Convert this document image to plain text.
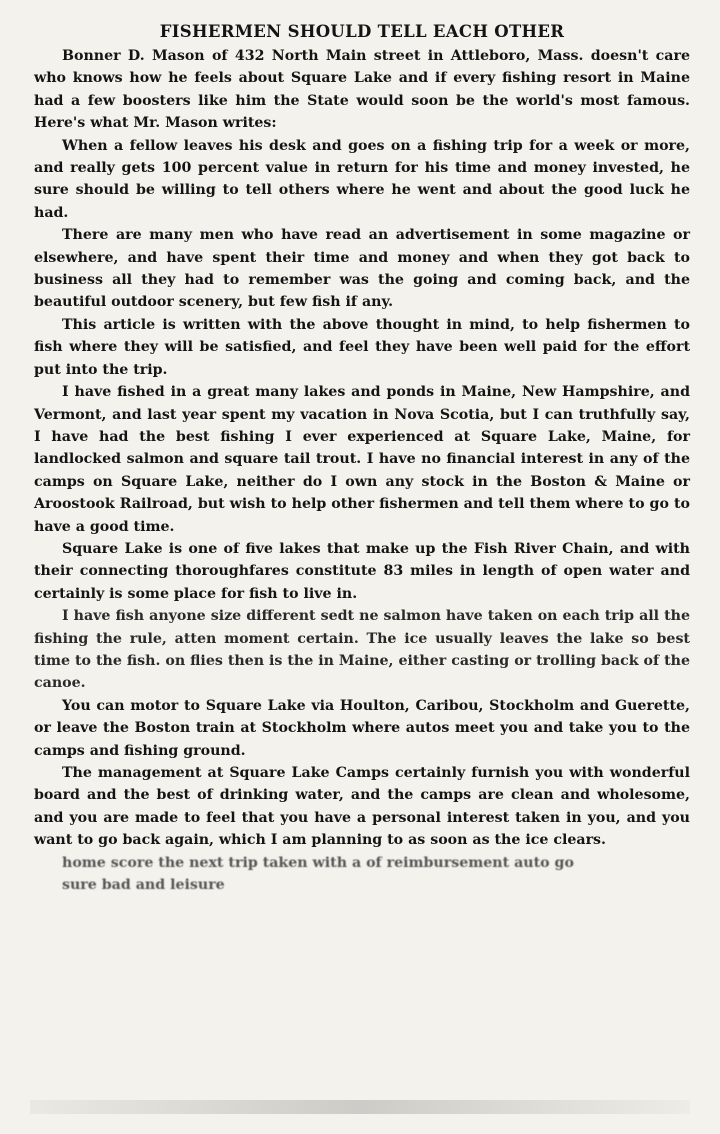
FISHERMEN SHOULD TELL EACH OTHER

Bonner D. Mason of 432 North Main street in Attleboro, Mass. doesn't care who knows how he feels about Square Lake and if every fishing resort in Maine had a few boosters like him the State would soon be the world's most famous. Here's what Mr. Mason writes:

When a fellow leaves his desk and goes on a fishing trip for a week or more, and really gets 100 percent value in return for his time and money invested, he sure should be willing to tell others where he went and about the good luck he had.

There are many men who have read an advertisement in some magazine or elsewhere, and have spent their time and money and when they got back to business all they had to remember was the going and coming back, and the beautiful outdoor scenery, but few fish if any.

This article is written with the above thought in mind, to help fishermen to fish where they will be satisfied, and feel they have been well paid for the effort put into the trip.

I have fished in a great many lakes and ponds in Maine, New Hampshire, and Vermont, and last year spent my vacation in Nova Scotia, but I can truthfully say, I have had the best fishing I ever experienced at Square Lake, Maine, for landlocked salmon and square tail trout. I have no financial interest in any of the camps on Square Lake, neither do I own any stock in the Boston & Maine or Aroostook Railroad, but wish to help other fishermen and tell them where to go to have a good time.

Square Lake is one of five lakes that make up the Fish River Chain, and with their connecting thoroughfares constitute 83 miles in length of open water and certainly is some place for fish to live in.

I have fish anyone size different sedt ne salmon have taken on each trip all the fishing the rule, atten moment certain. The ice usually leaves the lake so best time to the fish. on flies then is the in Maine, either casting or trolling back of the canoe.

You can motor to Square Lake via Houlton, Caribou, Stockholm and Guerette, or leave the Boston train at Stockholm where autos meet you and take you to the camps and fishing ground.

The management at Square Lake Camps certainly furnish you with wonderful board and the best of drinking water, and the camps are clean and wholesome, and you are made to feel that you have a personal interest taken in you, and you want to go back again, which I am planning to as soon as the ice clears.

home score the next trip taken with a of reimbursement auto go

sure bad and leisure
